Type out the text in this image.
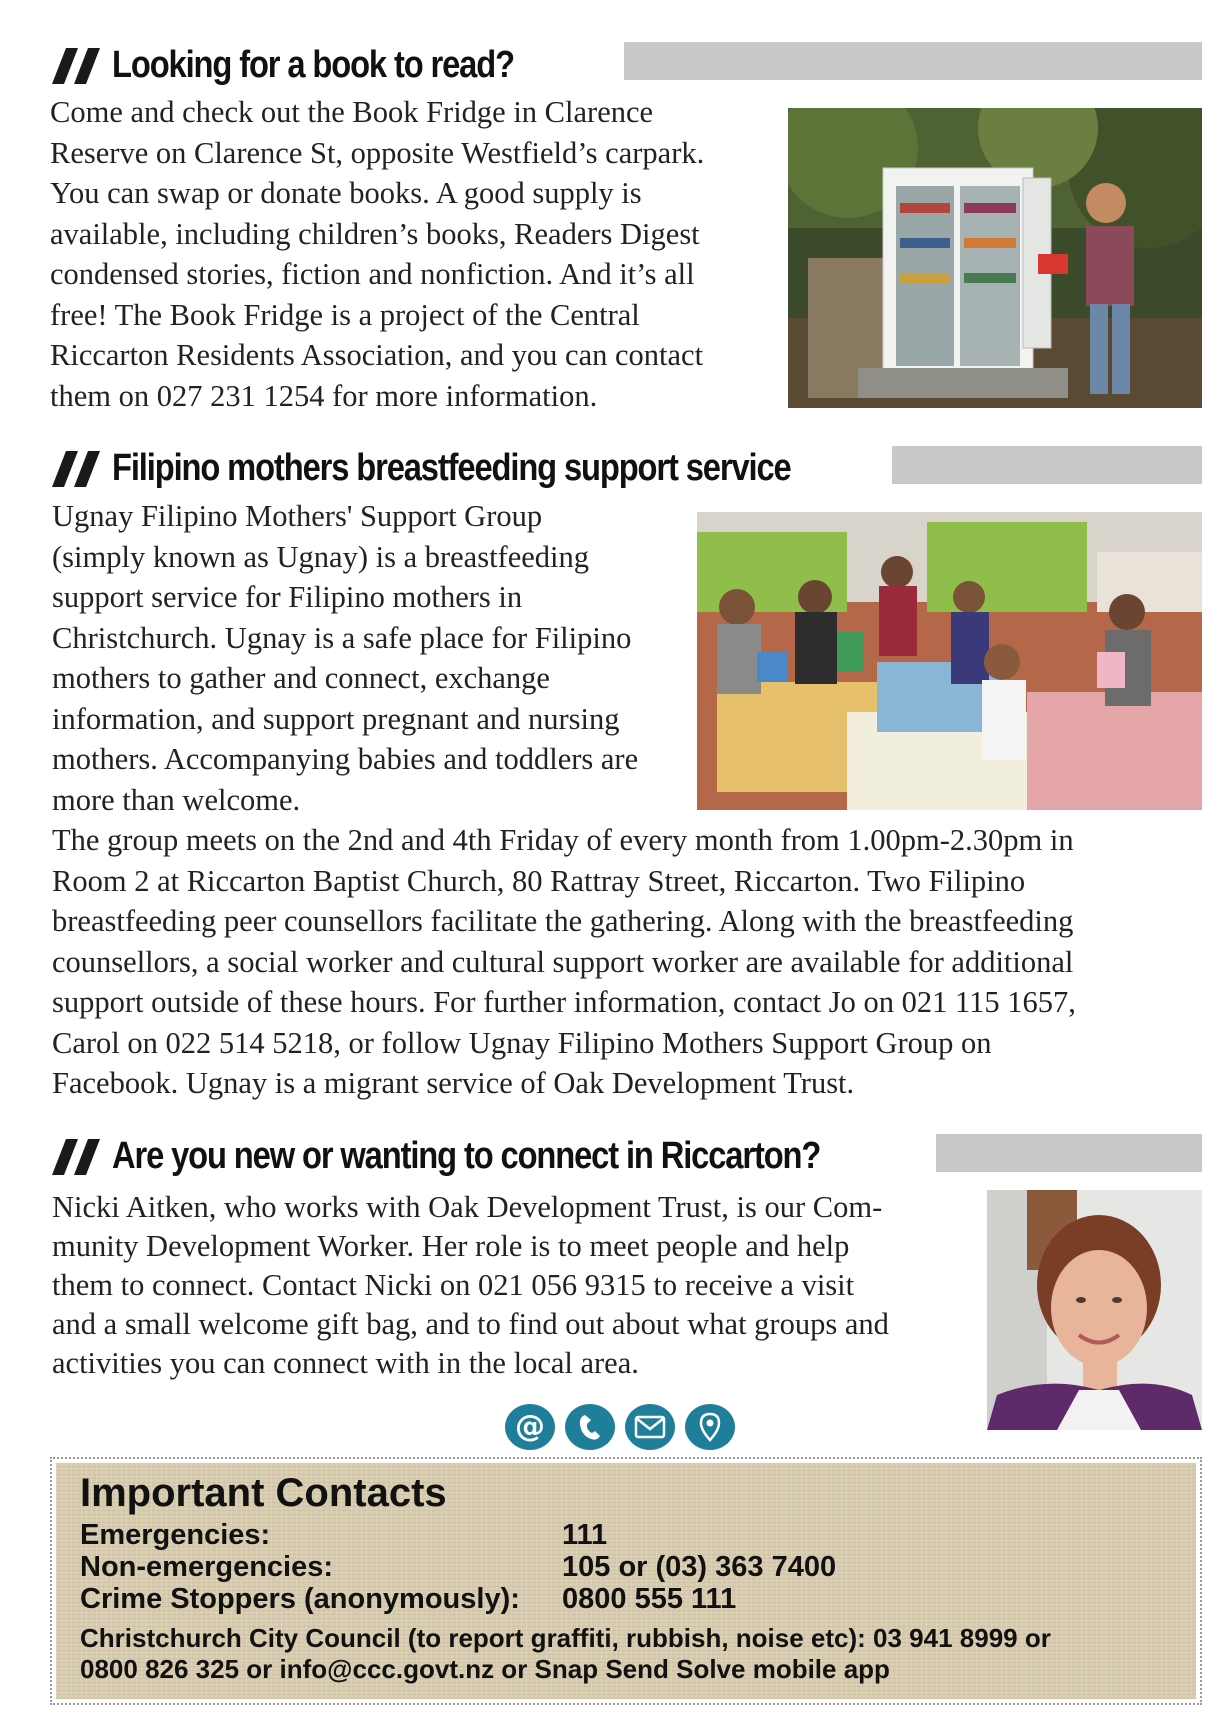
Looking for a book to read?
Come and check out the Book Fridge in Clarence
Reserve on Clarence St, opposite Westfield’s carpark.
You can swap or donate books. A good supply is
available, including children’s books, Readers Digest
condensed stories, fiction and nonfiction. And it’s all
free! The Book Fridge is a project of the Central
Riccarton Residents Association, and you can contact
them on 027 231 1254 for more information.
Filipino mothers breastfeeding support service
Ugnay Filipino Mothers' Support Group
(simply known as Ugnay) is a breastfeeding
support service for Filipino mothers in
Christchurch. Ugnay is a safe place for Filipino
mothers to gather and connect, exchange
information, and support pregnant and nursing
mothers. Accompanying babies and toddlers are
more than welcome.
The group meets on the 2nd and 4th Friday of every month from 1.00pm-2.30pm in
Room 2 at Riccarton Baptist Church, 80 Rattray Street, Riccarton. Two Filipino
breastfeeding peer counsellors facilitate the gathering. Along with the breastfeeding
counsellors, a social worker and cultural support worker are available for additional
support outside of these hours. For further information, contact Jo on 021 115 1657,
Carol on 022 514 5218, or follow Ugnay Filipino Mothers Support Group on
Facebook. Ugnay is a migrant service of Oak Development Trust.
Are you new or wanting to connect in Riccarton?
Nicki Aitken, who works with Oak Development Trust, is our Com-
munity Development Worker. Her role is to meet people and help
them to connect. Contact Nicki on 021 056 9315 to receive a visit
and a small welcome gift bag, and to find out about what groups and
activities you can connect with in the local area.
@
Important Contacts
Emergencies:	111
Non-emergencies:	105 or (03) 363 7400
Crime Stoppers (anonymously): 0800 555 111
Christchurch City Council (to report graffiti, rubbish, noise etc): 03 941 8999 or
0800 826 325 or info@ccc.govt.nz or Snap Send Solve mobile app
